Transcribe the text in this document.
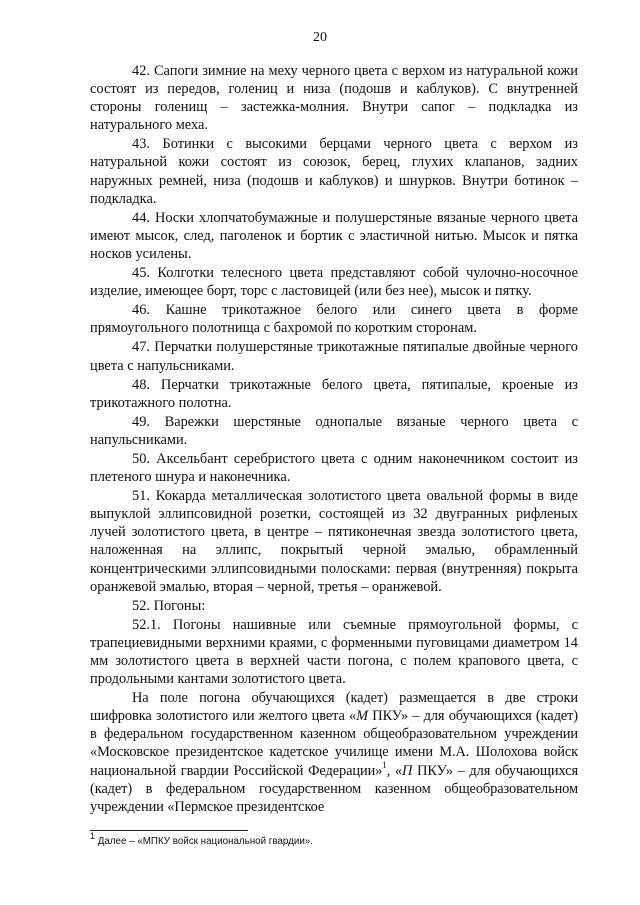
20

42. Сапоги зимние на меху черного цвета с верхом из натуральной кожи состоят из передов, голениц и низа (подошв и каблуков). С внутренней стороны голенищ – застежка-молния. Внутри сапог – подкладка из натурального меха.

43. Ботинки с высокими берцами черного цвета с верхом из натуральной кожи состоят из союзок, берец, глухих клапанов, задних наружных ремней, низа (подошв и каблуков) и шнурков. Внутри ботинок – подкладка.

44. Носки хлопчатобумажные и полушерстяные вязаные черного цвета имеют мысок, след, паголенок и бортик с эластичной нитью. Мысок и пятка носков усилены.

45. Колготки телесного цвета представляют собой чулочно-носочное изделие, имеющее борт, торс с ластовицей (или без нее), мысок и пятку.

46. Кашне трикотажное белого или синего цвета в форме прямоугольного полотнища с бахромой по коротким сторонам.

47. Перчатки полушерстяные трикотажные пятипалые двойные черного цвета с напульсниками.

48. Перчатки трикотажные белого цвета, пятипалые, кроеные из трикотажного полотна.

49. Варежки шерстяные однопалые вязаные черного цвета с напульсниками.

50. Аксельбант серебристого цвета с одним наконечником состоит из плетеного шнура и наконечника.

51. Кокарда металлическая золотистого цвета овальной формы в виде выпуклой эллипсовидной розетки, состоящей из 32 двугранных рифленых лучей золотистого цвета, в центре – пятиконечная звезда золотистого цвета, наложенная на эллипс, покрытый черной эмалью, обрамленный концентрическими эллипсовидными полосками: первая (внутренняя) покрыта оранжевой эмалью, вторая – черной, третья – оранжевой.

52. Погоны:

52.1. Погоны нашивные или съемные прямоугольной формы, с трапециевидными верхними краями, с форменными пуговицами диаметром 14 мм золотистого цвета в верхней части погона, с полем крапового цвета, с продольными кантами золотистого цвета.

На поле погона обучающихся (кадет) размещается в две строки шифровка золотистого или желтого цвета «М ПКУ» – для обучающихся (кадет) в федеральном государственном казенном общеобразовательном учреждении «Московское президентское кадетское училище имени М.А. Шолохова войск национальной гвардии Российской Федерации»$^1$, «П ПКУ» – для обучающихся (кадет) в федеральном государственном казенном общеобразовательном учреждении «Пермское президентское

$^1$ Далее – «МПКУ войск национальной гвардии».
